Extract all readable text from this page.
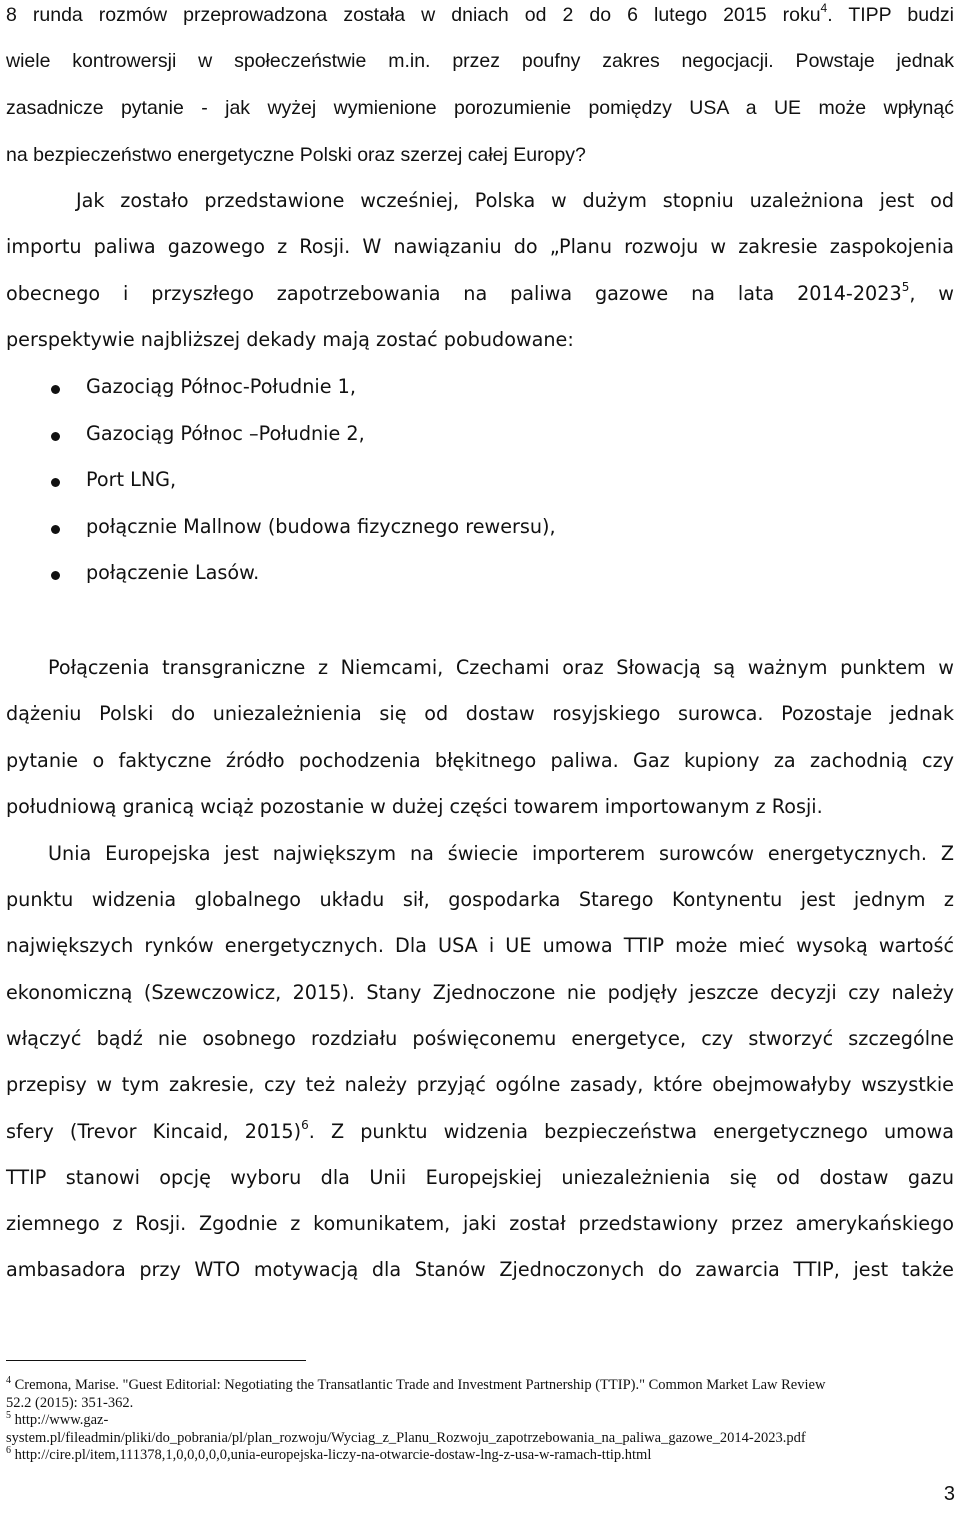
8 runda rozmów przeprowadzona została w dniach od 2 do 6 lutego 2015 roku$^4$. TIPP budzi
wiele kontrowersji w społeczeństwie m.in. przez poufny zakres negocjacji. Powstaje jednak
zasadnicze pytanie - jak wyżej wymienione porozumienie pomiędzy USA a UE może wpłynąć
na bezpieczeństwo energetyczne Polski oraz szerzej całej Europy?
Jak zostało przedstawione wcześniej, Polska w dużym stopniu uzależniona jest od
importu paliwa gazowego z Rosji. W nawiązaniu do „Planu rozwoju w zakresie zaspokojenia
obecnego i przyszłego zapotrzebowania na paliwa gazowe na lata 2014-2023$^5$, w
perspektywie najbliższej dekady mają zostać pobudowane:
Gazociąg Północ-Południe 1,
Gazociąg Północ –Południe 2,
Port LNG,
połącznie Mallnow (budowa fizycznego rewersu),
połączenie Lasów.
Połączenia transgraniczne z Niemcami, Czechami oraz Słowacją są ważnym punktem w
dążeniu Polski do uniezależnienia się od dostaw rosyjskiego surowca. Pozostaje jednak
pytanie o faktyczne źródło pochodzenia błękitnego paliwa. Gaz kupiony za zachodnią czy
południową granicą wciąż pozostanie w dużej części towarem importowanym z Rosji.
Unia Europejska jest największym na świecie importerem surowców energetycznych. Z
punktu widzenia globalnego układu sił, gospodarka Starego Kontynentu jest jednym z
największych rynków energetycznych. Dla USA i UE umowa TTIP może mieć wysoką wartość
ekonomiczną (Szewczowicz, 2015). Stany Zjednoczone nie podjęły jeszcze decyzji czy należy
włączyć bądź nie osobnego rozdziału poświęconemu energetyce, czy stworzyć szczególne
przepisy w tym zakresie, czy też należy przyjąć ogólne zasady, które obejmowałyby wszystkie
sfery (Trevor Kincaid, 2015)$^6$. Z punktu widzenia bezpieczeństwa energetycznego umowa
TTIP stanowi opcję wyboru dla Unii Europejskiej uniezależnienia się od dostaw gazu
ziemnego z Rosji. Zgodnie z komunikatem, jaki został przedstawiony przez amerykańskiego
ambasadora przy WTO motywacją dla Stanów Zjednoczonych do zawarcia TTIP, jest także
$^4$ Cremona, Marise. "Guest Editorial: Negotiating the Transatlantic Trade and Investment Partnership (TTIP)." Common Market Law Review
52.2 (2015): 351-362.
$^5$ http://www.gaz-
system.pl/fileadmin/pliki/do_pobrania/pl/plan_rozwoju/Wyciag_z_Planu_Rozwoju_zapotrzebowania_na_paliwa_gazowe_2014-2023.pdf
$^6$ http://cire.pl/item,111378,1,0,0,0,0,0,unia-europejska-liczy-na-otwarcie-dostaw-lng-z-usa-w-ramach-ttip.html
3
